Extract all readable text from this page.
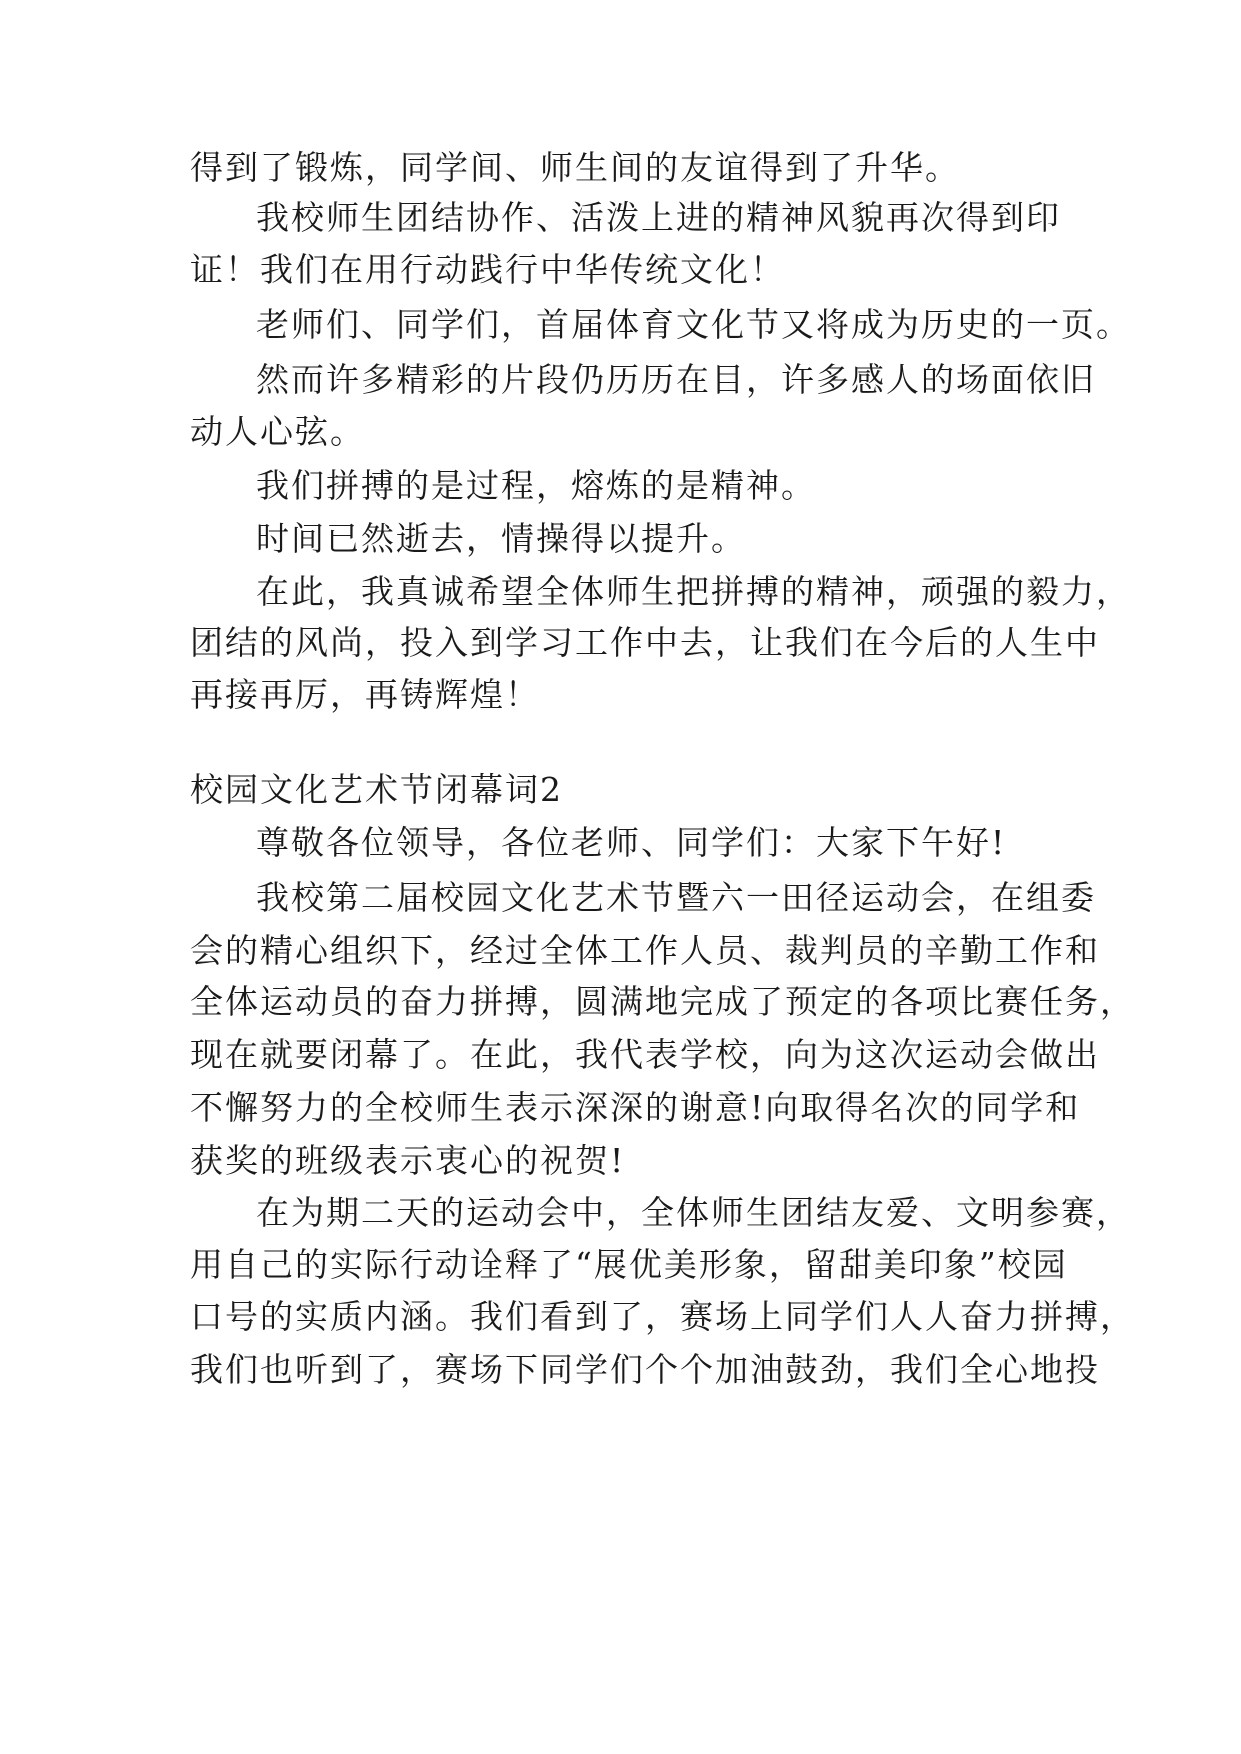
得到了锻炼，同学间、师生间的友谊得到了升华。

我校师生团结协作、活泼上进的精神风貌再次得到印

证！我们在用行动践行中华传统文化！

老师们、同学们，首届体育文化节又将成为历史的一页。

然而许多精彩的片段仍历历在目，许多感人的场面依旧

动人心弦。

我们拼搏的是过程，熔炼的是精神。

时间已然逝去，情操得以提升。

在此，我真诚希望全体师生把拼搏的精神，顽强的毅力，

团结的风尚，投入到学习工作中去，让我们在今后的人生中

再接再厉，再铸辉煌！

校园文化艺术节闭幕词2

尊敬各位领导，各位老师、同学们：大家下午好!

我校第二届校园文化艺术节暨六一田径运动会，在组委

会的精心组织下，经过全体工作人员、裁判员的辛勤工作和

全体运动员的奋力拼搏，圆满地完成了预定的各项比赛任务，

现在就要闭幕了。在此，我代表学校，向为这次运动会做出

不懈努力的全校师生表示深深的谢意!向取得名次的同学和

获奖的班级表示衷心的祝贺!

在为期二天的运动会中，全体师生团结友爱、文明参赛，

用自己的实际行动诠释了“展优美形象，留甜美印象”校园

口号的实质内涵。我们看到了，赛场上同学们人人奋力拼搏，

我们也听到了，赛场下同学们个个加油鼓劲，我们全心地投
